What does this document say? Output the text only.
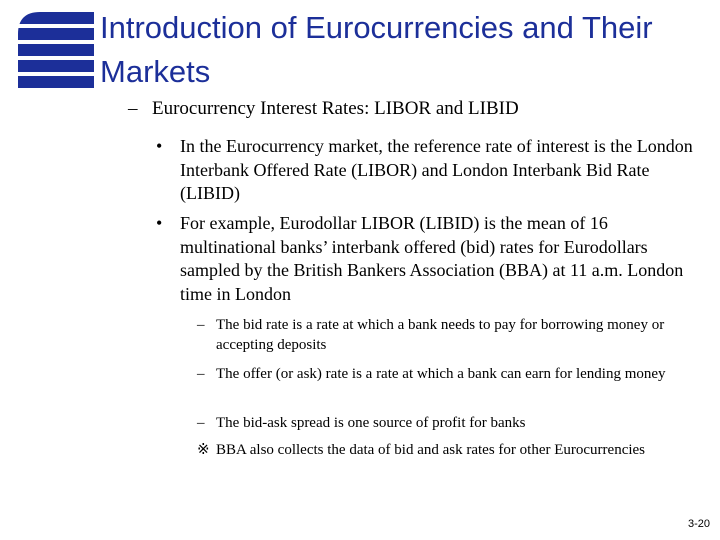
Introduction of Eurocurrencies and Their Markets
– Eurocurrency Interest Rates: LIBOR and LIBID
• In the Eurocurrency market, the reference rate of interest is the London Interbank Offered Rate (LIBOR) and London Interbank Bid Rate (LIBID)
• For example, Eurodollar LIBOR (LIBID) is the mean of 16 multinational banks’ interbank offered (bid) rates for Eurodollars sampled by the British Bankers Association (BBA) at 11 a.m. London time in London
– The bid rate is a rate at which a bank needs to pay for borrowing money or accepting deposits
– The offer (or ask) rate is a rate at which a bank can earn for lending money
– The bid-ask spread is one source of profit for banks
※ BBA also collects the data of bid and ask rates for other Eurocurrencies
3-20
